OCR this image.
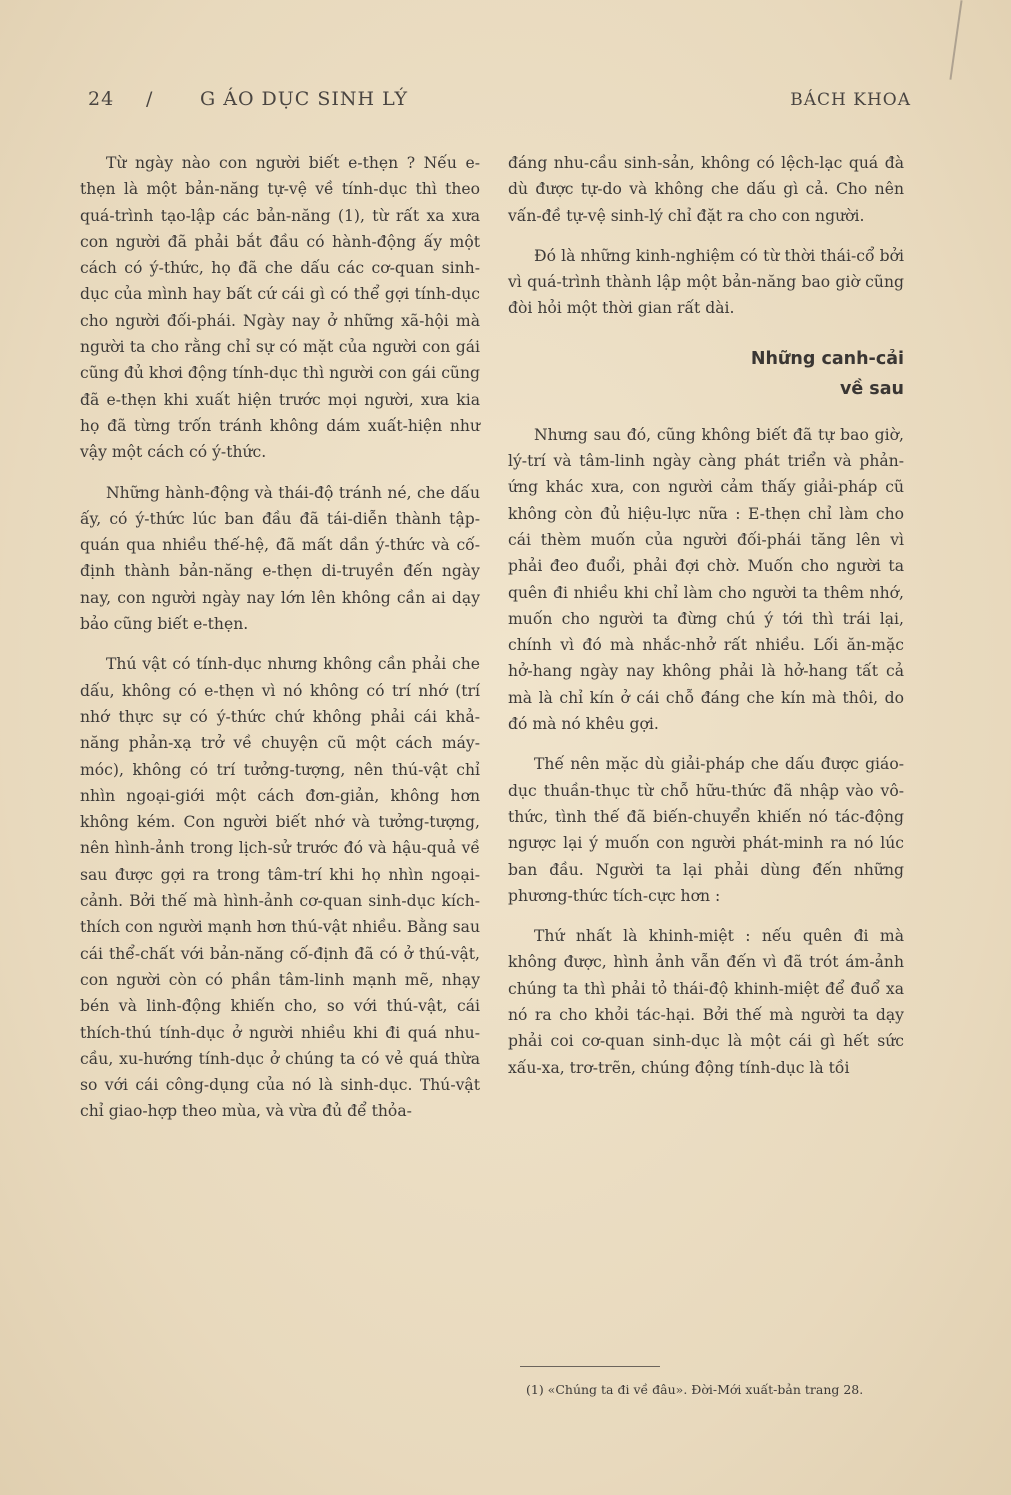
24 / G ÁO DỤC SINH LÝ	BÁCH KHOA

Từ ngày nào con người biết e-thẹn ? Nếu e-thẹn là một bản-năng tự-vệ về tính-dục thì theo quá-trình tạo-lập các bản-năng (1), từ rất xa xưa con người đã phải bắt đầu có hành-động ấy một cách có ý-thức, họ đã che dấu các cơ-quan sinh-dục của mình hay bất cứ cái gì có thể gợi tính-dục cho người đối-phái. Ngày nay ở những xã-hội mà người ta cho rằng chỉ sự có mặt của người con gái cũng đủ khơi động tính-dục thì người con gái cũng đã e-thẹn khi xuất hiện trước mọi người, xưa kia họ đã từng trốn tránh không dám xuất-hiện như vậy một cách có ý-thức.

Những hành-động và thái-độ tránh né, che dấu ấy, có ý-thức lúc ban đầu đã tái-diễn thành tập-quán qua nhiều thế-hệ, đã mất dần ý-thức và cố-định thành bản-năng e-thẹn di-truyền đến ngày nay, con người ngày nay lớn lên không cần ai dạy bảo cũng biết e-thẹn.

Thú vật có tính-dục nhưng không cần phải che dấu, không có e-thẹn vì nó không có trí nhớ (trí nhớ thực sự có ý-thức chứ không phải cái khả-năng phản-xạ trở về chuyện cũ một cách máy-móc), không có trí tưởng-tượng, nên thú-vật chỉ nhìn ngoại-giới một cách đơn-giản, không hơn không kém. Con người biết nhớ và tưởng-tượng, nên hình-ảnh trong lịch-sử trước đó và hậu-quả về sau được gợi ra trong tâm-trí khi họ nhìn ngoại-cảnh. Bởi thế mà hình-ảnh cơ-quan sinh-dục kích-thích con người mạnh hơn thú-vật nhiều. Bằng sau cái thể-chất với bản-năng cố-định đã có ở thú-vật, con người còn có phần tâm-linh mạnh mẽ, nhạy bén và linh-động khiến cho, so với thú-vật, cái thích-thú tính-dục ở người nhiều khi đi quá nhu-cầu, xu-hướng tính-dục ở chúng ta có vẻ quá thừa so với cái công-dụng của nó là sinh-dục. Thú-vật chỉ giao-hợp theo mùa, và vừa đủ để thỏa-

đáng nhu-cầu sinh-sản, không có lệch-lạc quá đà dù được tự-do và không che dấu gì cả. Cho nên vấn-đề tự-vệ sinh-lý chỉ đặt ra cho con người.

Đó là những kinh-nghiệm có từ thời thái-cổ bởi vì quá-trình thành lập một bản-năng bao giờ cũng đòi hỏi một thời gian rất dài.

Những canh-cải
về sau

Nhưng sau đó, cũng không biết đã tự bao giờ, lý-trí và tâm-linh ngày càng phát triển và phản-ứng khác xưa, con người cảm thấy giải-pháp cũ không còn đủ hiệu-lực nữa : E-thẹn chỉ làm cho cái thèm muốn của người đối-phái tăng lên vì phải đeo đuổi, phải đợi chờ. Muốn cho người ta quên đi nhiều khi chỉ làm cho người ta thêm nhớ, muốn cho người ta đừng chú ý tới thì trái lại, chính vì đó mà nhắc-nhở rất nhiều. Lối ăn-mặc hở-hang ngày nay không phải là hở-hang tất cả mà là chỉ kín ở cái chỗ đáng che kín mà thôi, do đó mà nó khêu gợi.

Thế nên mặc dù giải-pháp che dấu được giáo-dục thuần-thục từ chỗ hữu-thức đã nhập vào vô-thức, tình thế đã biến-chuyển khiến nó tác-động ngược lại ý muốn con người phát-minh ra nó lúc ban đầu. Người ta lại phải dùng đến những phương-thức tích-cực hơn :

Thứ nhất là khinh-miệt : nếu quên đi mà không được, hình ảnh vẫn đến vì đã trót ám-ảnh chúng ta thì phải tỏ thái-độ khinh-miệt để đuổ xa nó ra cho khỏi tác-hại. Bởi thế mà người ta dạy phải coi cơ-quan sinh-dục là một cái gì hết sức xấu-xa, trơ-trẽn, chúng động tính-dục là tồi

(1) «Chúng ta đi về đâu». Đời-Mới xuất-bản trang 28.
